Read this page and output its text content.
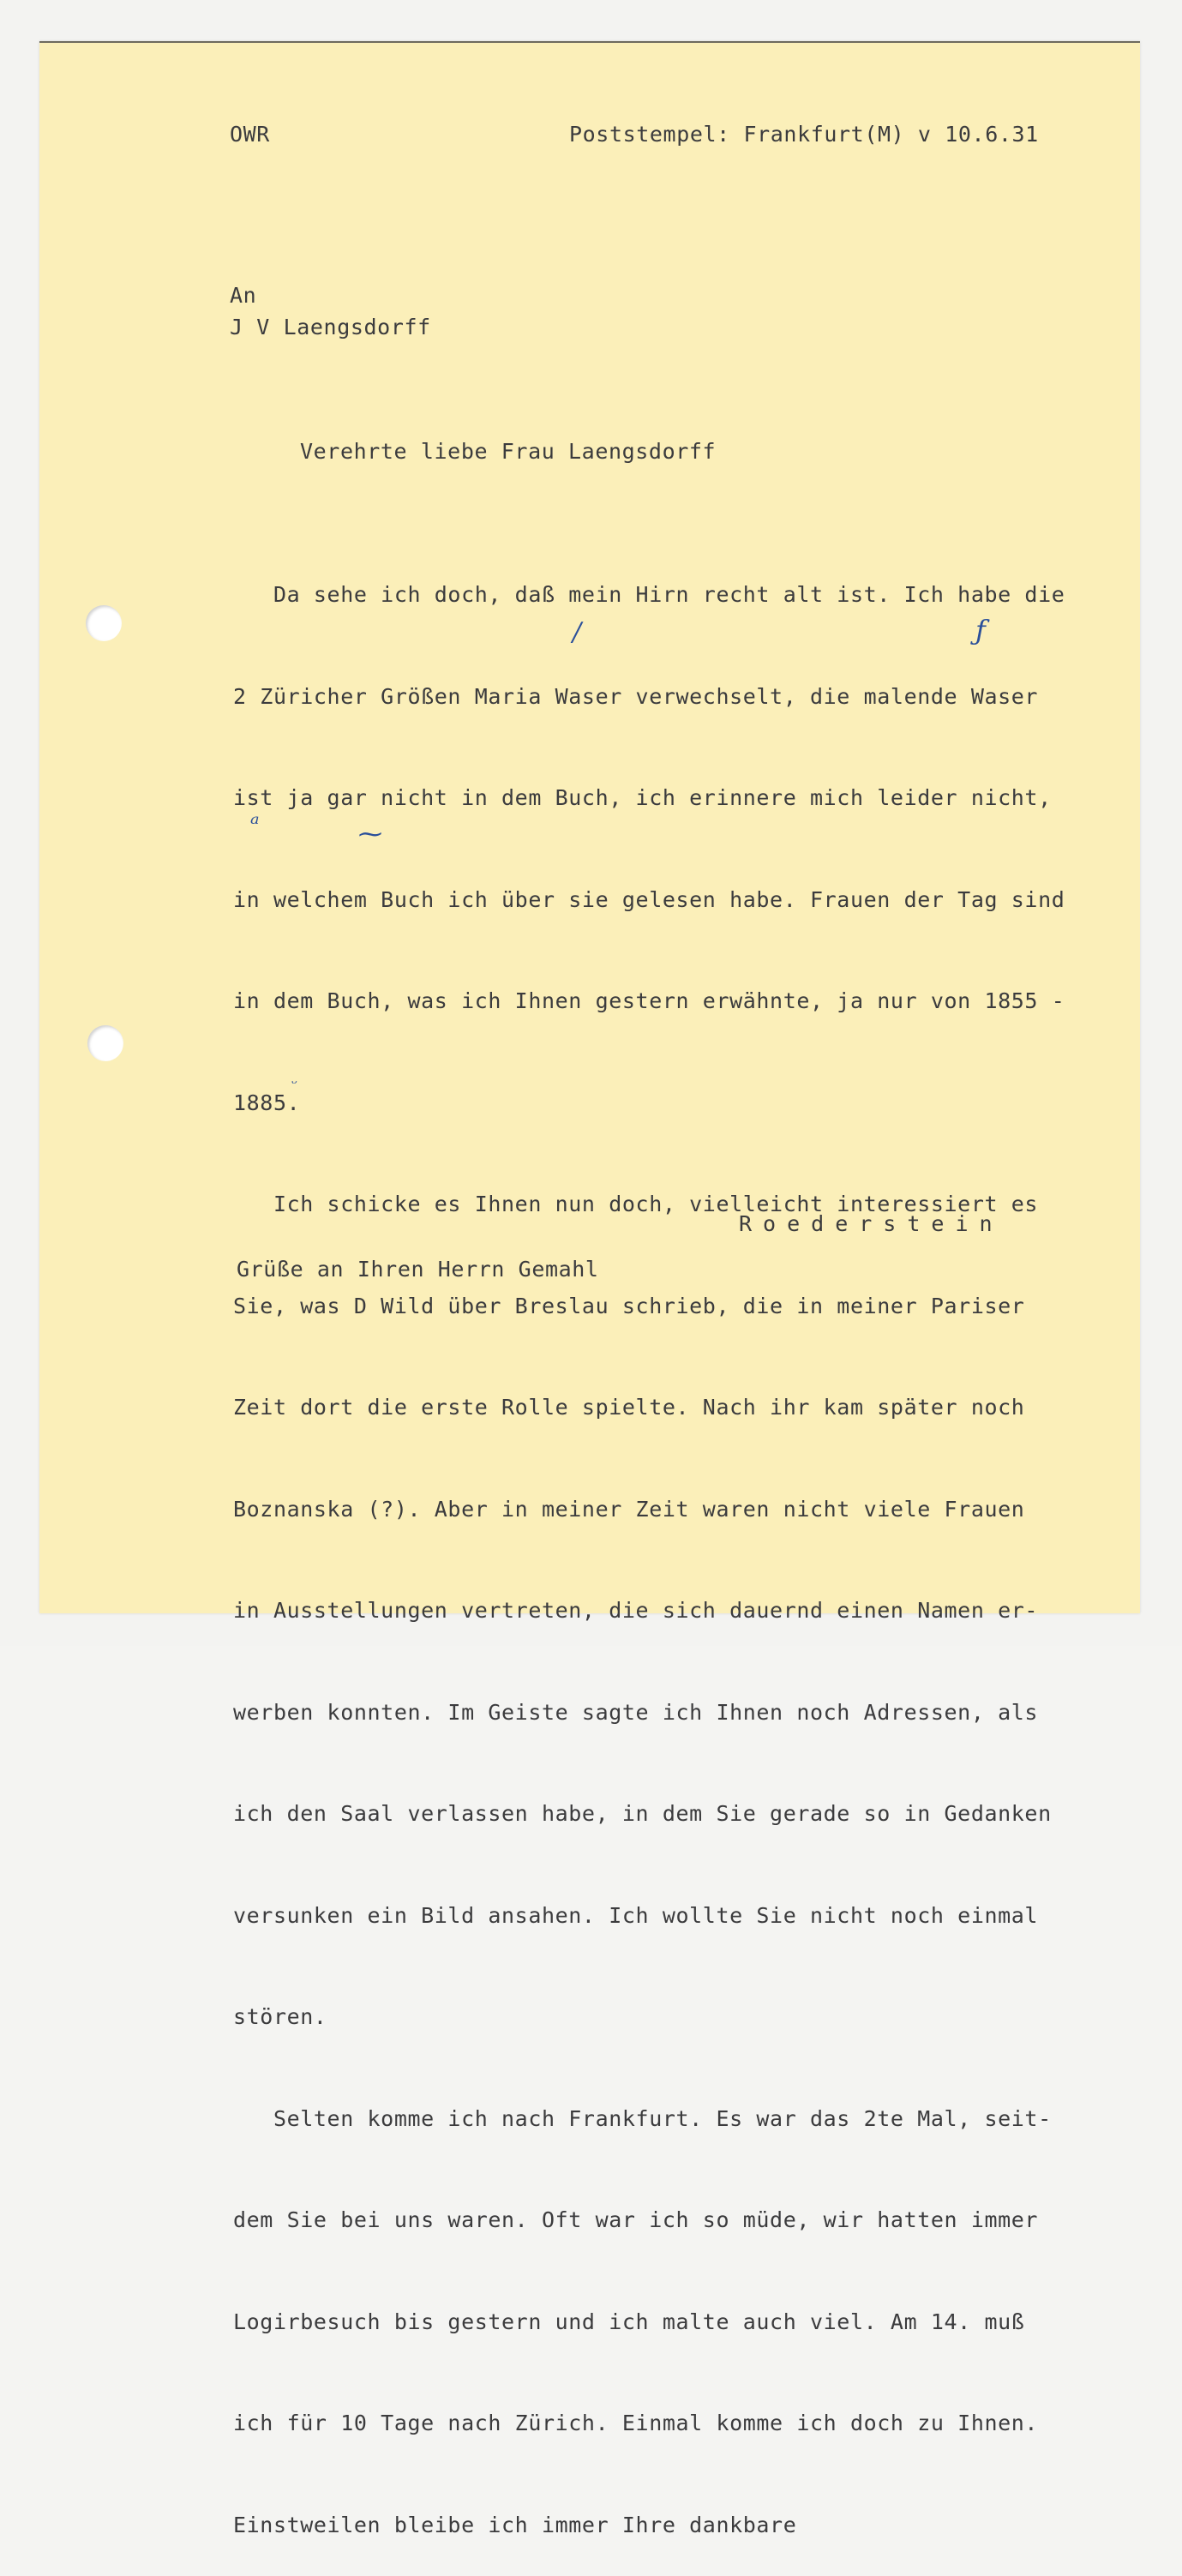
OWR	Poststempel: Frankfurt(M) v 10.6.31
An
J V Laengsdorff
Verehrte liebe Frau Laengsdorff

Da sehe ich doch, daß mein Hirn recht alt ist. Ich habe die

2 Züricher Größen Maria Waser verwechselt, die malende Waser

ist ja gar nicht in dem Buch, ich erinnere mich leider nicht,

in welchem Buch ich über sie gelesen habe. Frauen der Tag sind

in dem Buch, was ich Ihnen gestern erwähnte, ja nur von 1855 -

1885.

Ich schicke es Ihnen nun doch, vielleicht interessiert es

Sie, was D Wild über Breslau schrieb, die in meiner Pariser

Zeit dort die erste Rolle spielte. Nach ihr kam später noch

Boznanska (?). Aber in meiner Zeit waren nicht viele Frauen

in Ausstellungen vertreten, die sich dauernd einen Namen er-

werben konnten. Im Geiste sagte ich Ihnen noch Adressen, als

ich den Saal verlassen habe, in dem Sie gerade so in Gedanken

versunken ein Bild ansahen. Ich wollte Sie nicht noch einmal

stören.

Selten komme ich nach Frankfurt. Es war das 2te Mal, seit-

dem Sie bei uns waren. Oft war ich so müde, wir hatten immer

Logirbesuch bis gestern und ich malte auch viel. Am 14. muß

ich für 10 Tage nach Zürich. Einmal komme ich doch zu Ihnen.

Einstweilen bleibe ich immer Ihre dankbare

/	ƒ
ᵃ	⁓
ᵕ
Roederstein
Grüße an Ihren Herrn Gemahl
